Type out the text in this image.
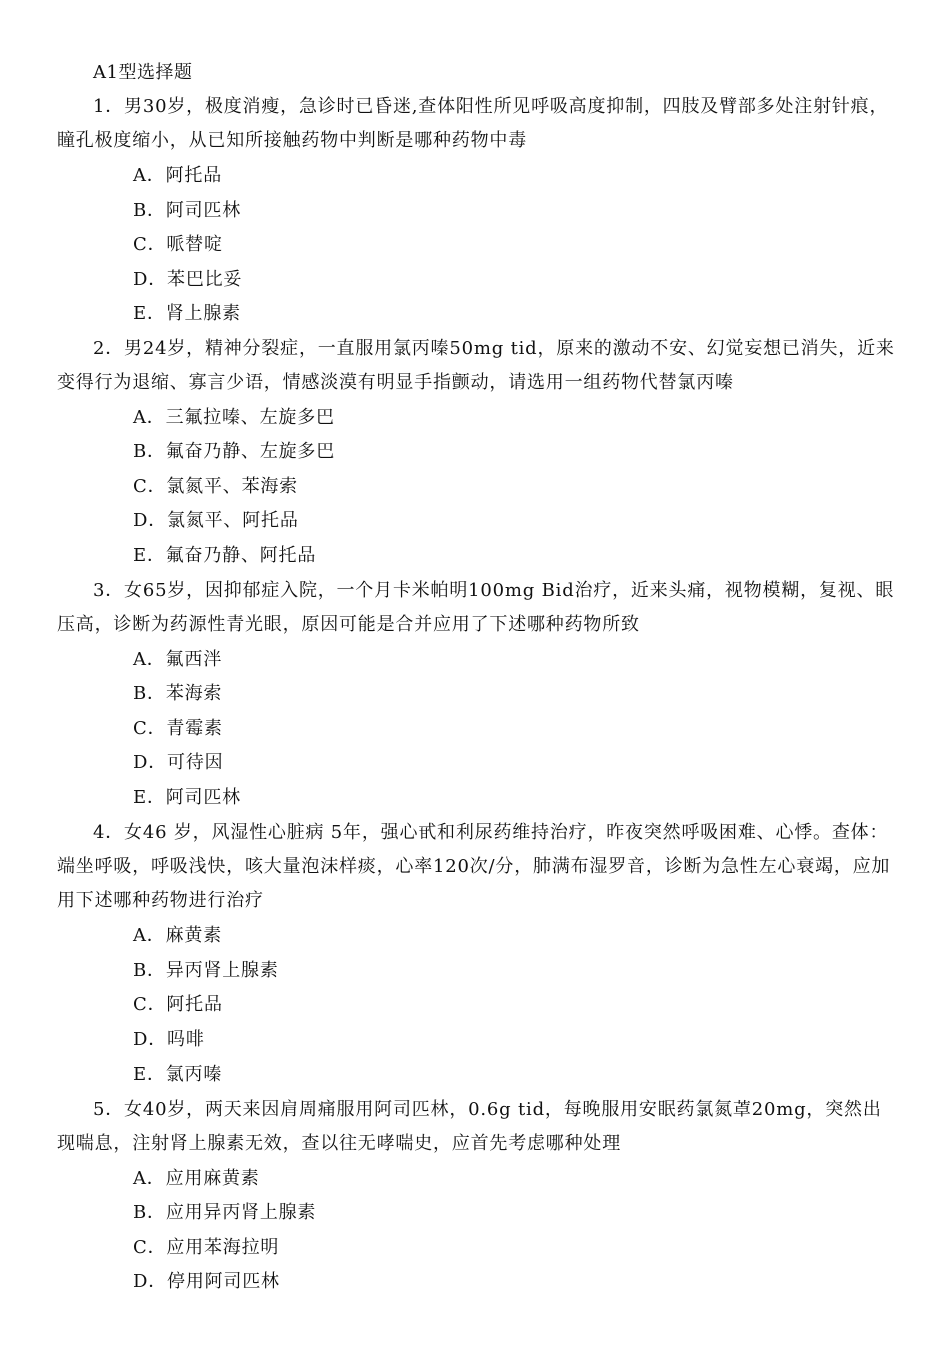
A1型选择题
1．男30岁，极度消瘦，急诊时已昏迷,查体阳性所见呼吸高度抑制，四肢及臂部多处注射针痕，瞳孔极度缩小，从已知所接触药物中判断是哪种药物中毒
A．阿托品
B．阿司匹林
C．哌替啶
D．苯巴比妥
E．肾上腺素
2．男24岁，精神分裂症，一直服用氯丙嗪50mg tid，原来的激动不安、幻觉妄想已消失，近来变得行为退缩、寡言少语，情感淡漠有明显手指颤动，请选用一组药物代替氯丙嗪
A．三氟拉嗪、左旋多巴
B．氟奋乃静、左旋多巴
C．氯氮平、苯海索
D．氯氮平、阿托品
E．氟奋乃静、阿托品
3．女65岁，因抑郁症入院，一个月卡米帕明100mg Bid治疗，近来头痛，视物模糊，复视、眼压高，诊断为药源性青光眼，原因可能是合并应用了下述哪种药物所致
A．氟西泮
B．苯海索
C．青霉素
D．可待因
E．阿司匹林
4．女46 岁，风湿性心脏病 5年，强心甙和利尿药维持治疗，昨夜突然呼吸困难、心悸。查体：端坐呼吸，呼吸浅快，咳大量泡沫样痰，心率120次/分，肺满布湿罗音，诊断为急性左心衰竭，应加用下述哪种药物进行治疗
A．麻黄素
B．异丙肾上腺素
C．阿托品
D．吗啡
E．氯丙嗪
5．女40岁，两天来因肩周痛服用阿司匹林，0.6g tid，每晚服用安眠药氯氮䓬20mg，突然出现喘息，注射肾上腺素无效，查以往无哮喘史，应首先考虑哪种处理
A．应用麻黄素
B．应用异丙肾上腺素
C．应用苯海拉明
D．停用阿司匹林
